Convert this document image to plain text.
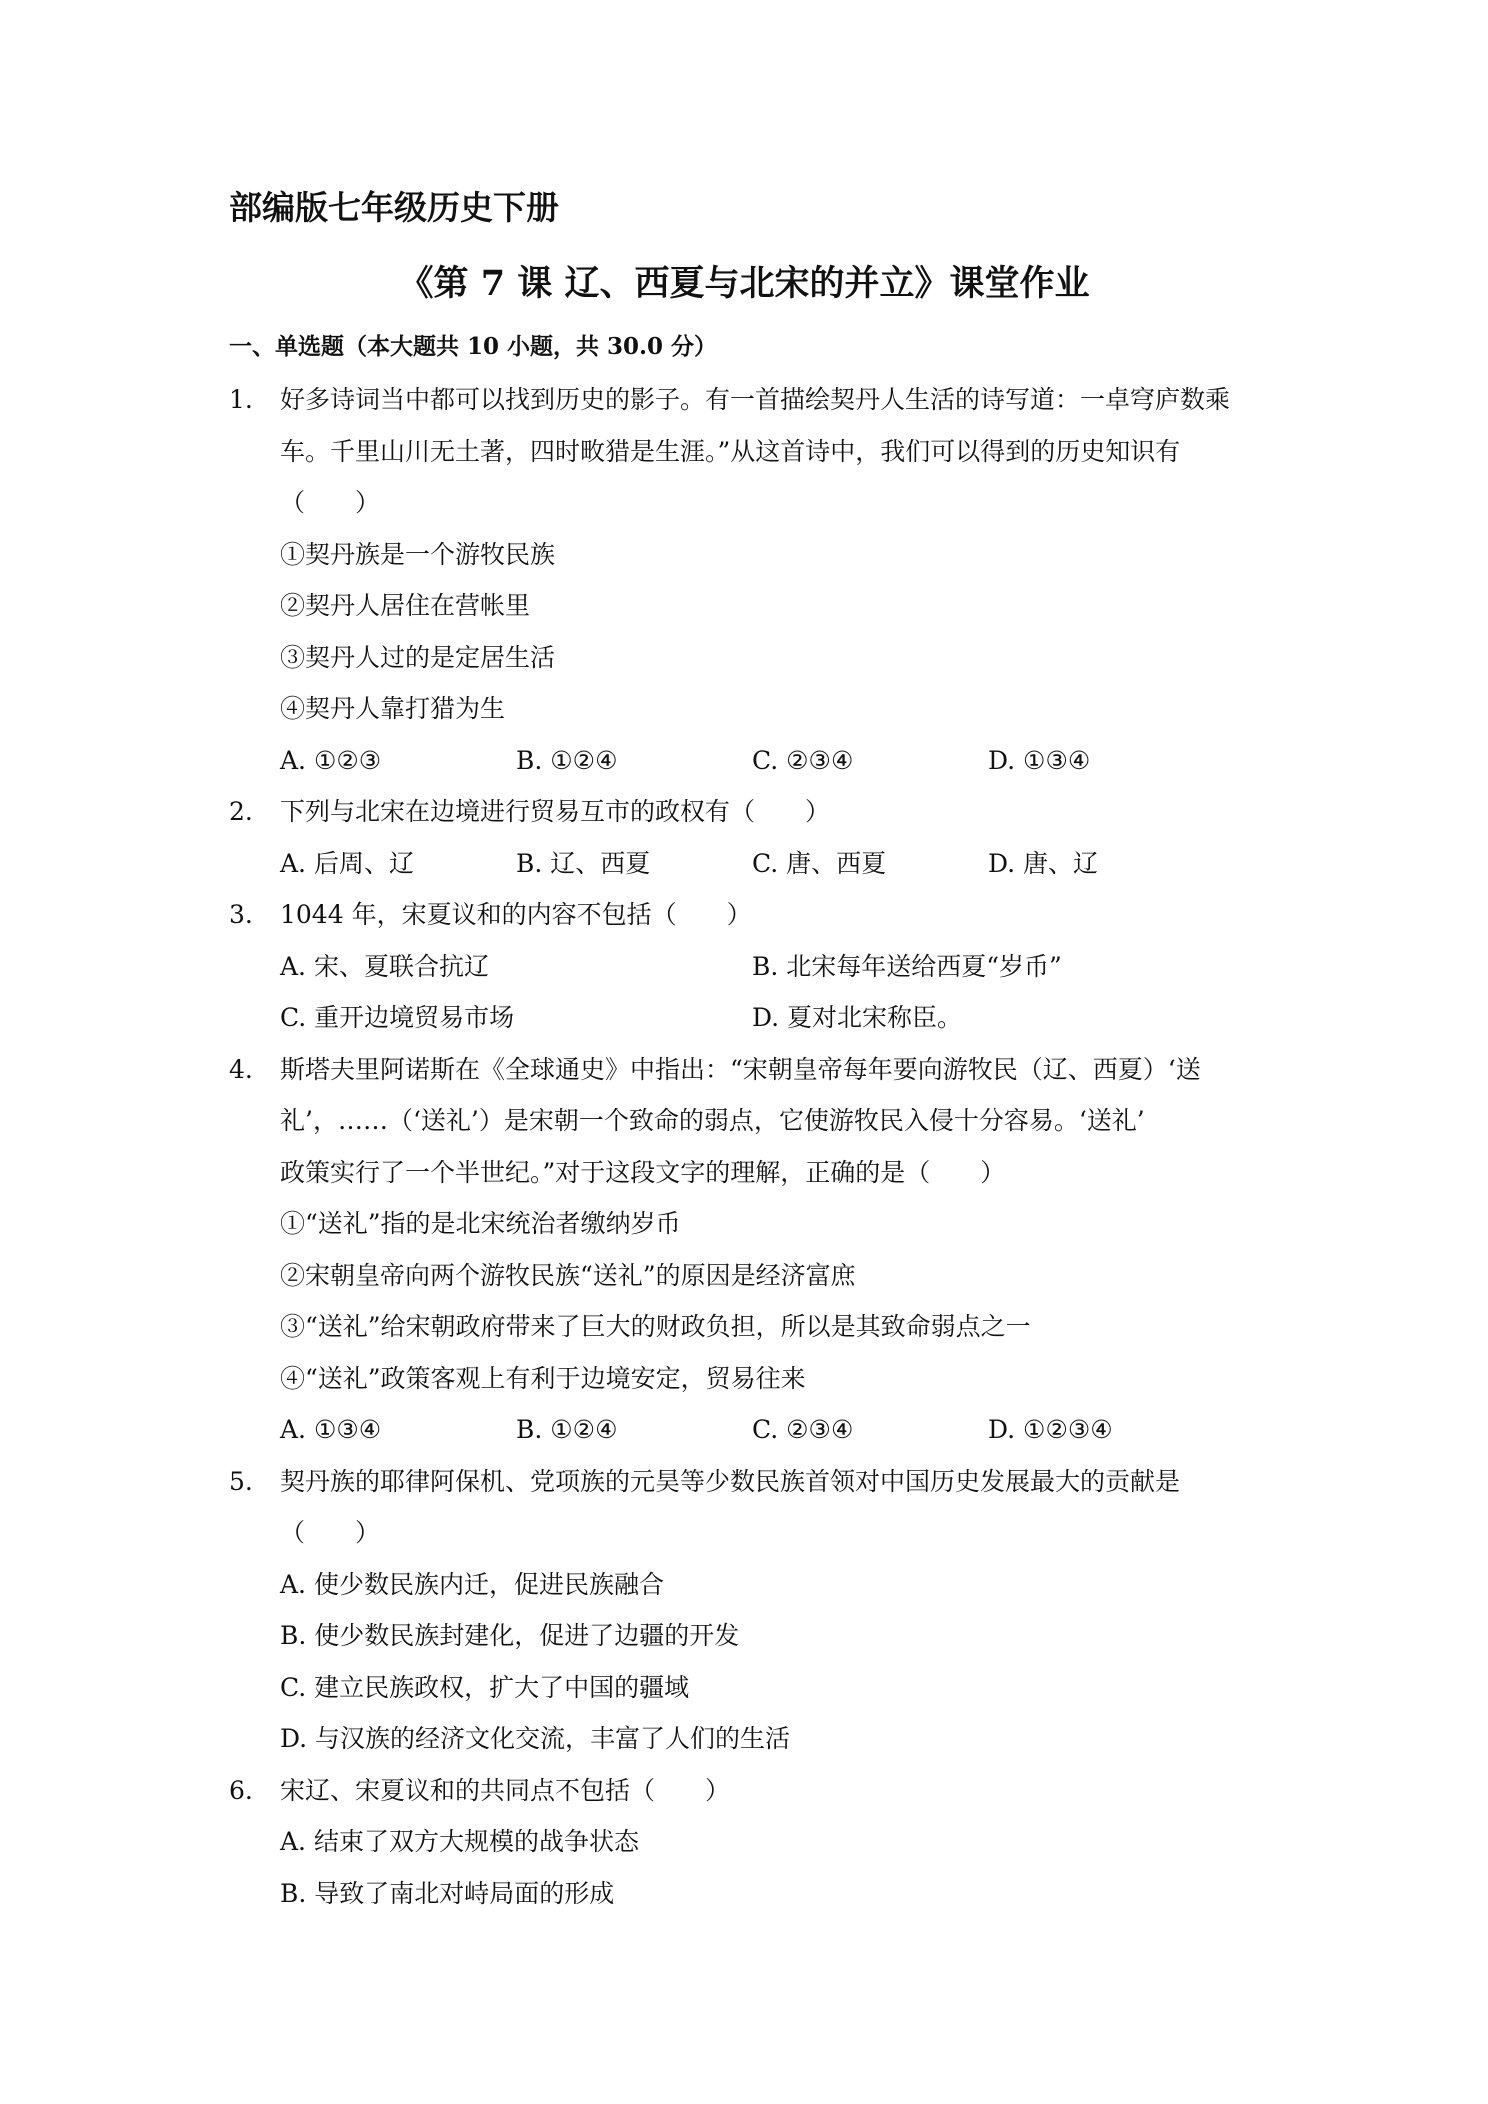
部编版七年级历史下册
《第 7 课 辽、西夏与北宋的并立》课堂作业
一、单选题（本大题共 10 小题，共 30.0 分）
1.	好多诗词当中都可以找到历史的影子。有一首描绘契丹人生活的诗写道：一卓穹庐数乘
车。千里山川无土著，四时畋猎是生涯。”从这首诗中，我们可以得到的历史知识有
（　　）
①契丹族是一个游牧民族
②契丹人居住在营帐里
③契丹人过的是定居生活
④契丹人靠打猎为生
A. ①②③	B. ①②④	C. ②③④	D. ①③④
2.	下列与北宋在边境进行贸易互市的政权有（　　）
A. 后周、辽	B. 辽、西夏	C. 唐、西夏	D. 唐、辽
3.	1044 年，宋夏议和的内容不包括（　　）
A. 宋、夏联合抗辽	B. 北宋每年送给西夏“岁币”
C. 重开边境贸易市场	D. 夏对北宋称臣。
4.	斯塔夫里阿诺斯在《全球通史》中指出：“宋朝皇帝每年要向游牧民（辽、西夏）‘送
礼’，……（‘送礼’）是宋朝一个致命的弱点，它使游牧民入侵十分容易。‘送礼’
政策实行了一个半世纪。”对于这段文字的理解，正确的是（　　）
①“送礼”指的是北宋统治者缴纳岁币
②宋朝皇帝向两个游牧民族“送礼”的原因是经济富庶
③“送礼”给宋朝政府带来了巨大的财政负担，所以是其致命弱点之一
④“送礼”政策客观上有利于边境安定，贸易往来
A. ①③④	B. ①②④	C. ②③④	D. ①②③④
5.	契丹族的耶律阿保机、党项族的元昊等少数民族首领对中国历史发展最大的贡献是
（　　）
A. 使少数民族内迁，促进民族融合
B. 使少数民族封建化，促进了边疆的开发
C. 建立民族政权，扩大了中国的疆域
D. 与汉族的经济文化交流，丰富了人们的生活
6.	宋辽、宋夏议和的共同点不包括（　　）
A. 结束了双方大规模的战争状态
B. 导致了南北对峙局面的形成
